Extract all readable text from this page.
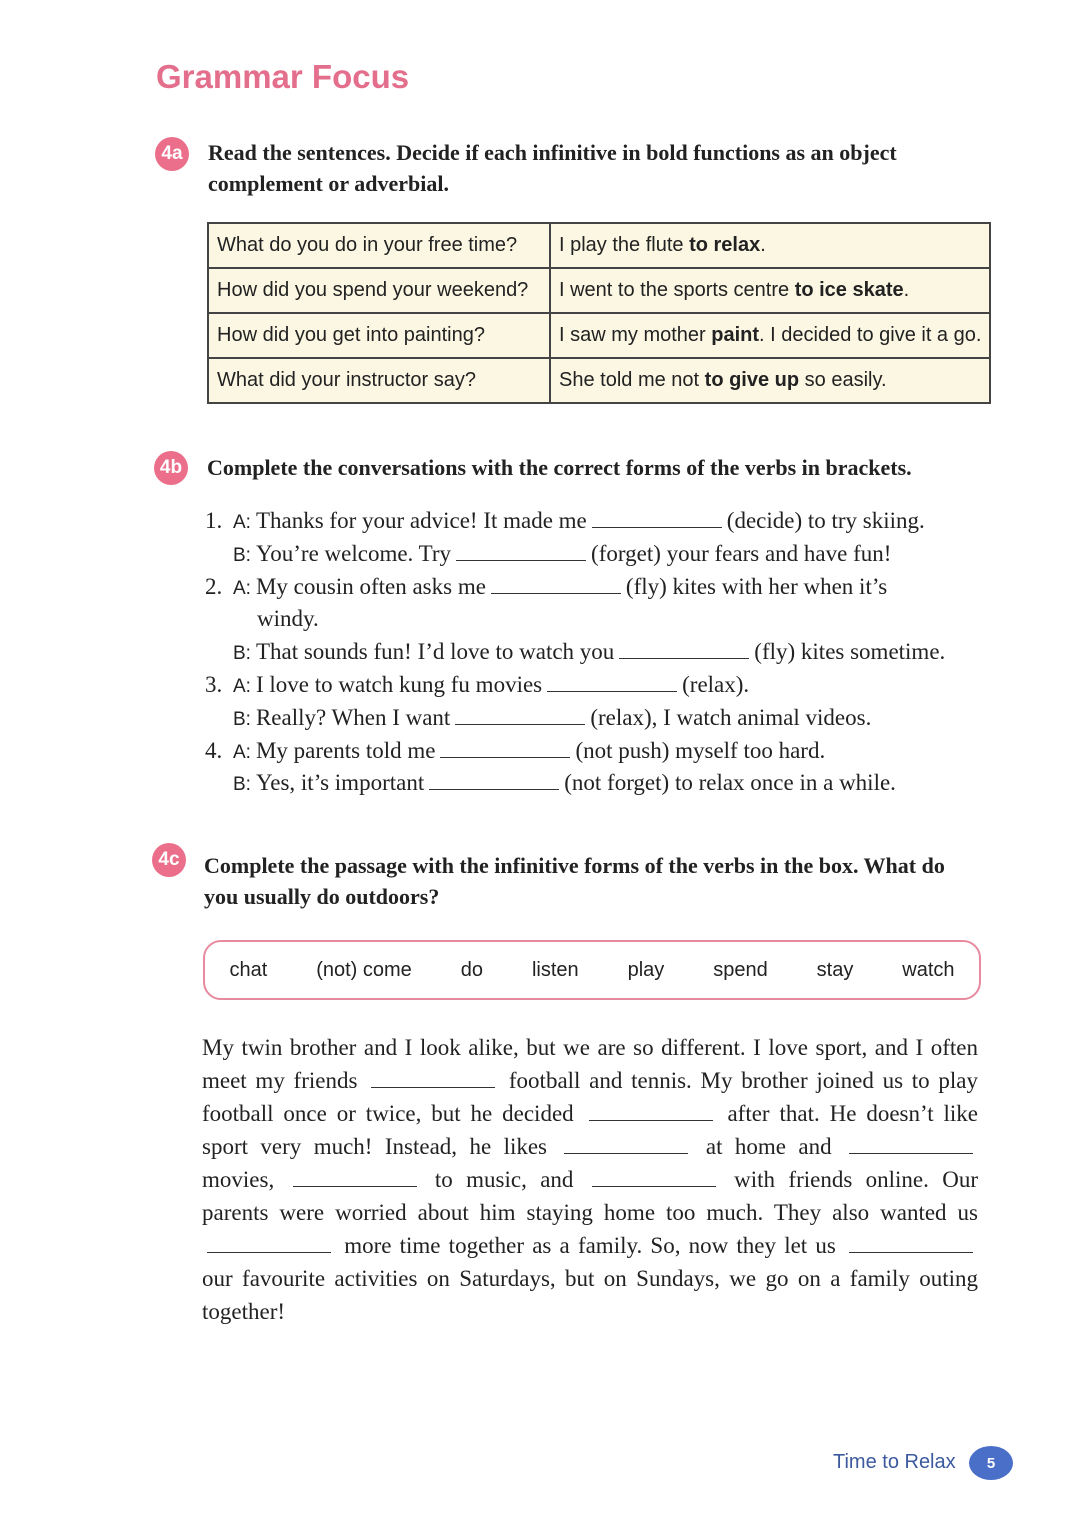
Grammar Focus
4a Read the sentences. Decide if each infinitive in bold functions as an object complement or adverbial.
What do you do in your free time?	I play the flute to relax.
How did you spend your weekend?	I went to the sports centre to ice skate.
How did you get into painting?	I saw my mother paint. I decided to give it a go.
What did your instructor say?	She told me not to give up so easily.
4b Complete the conversations with the correct forms of the verbs in brackets.
1. A: Thanks for your advice! It made me	(decide) to try skiing.
B: You’re welcome. Try	(forget) your fears and have fun!
2. A: My cousin often asks me	(fly) kites with her when it’s
windy.
B: That sounds fun! I’d love to watch you	(fly) kites sometime.
3. A: I love to watch kung fu movies	(relax).
B: Really? When I want	(relax), I watch animal videos.
4. A: My parents told me	(not push) myself too hard.
B: Yes, it’s important	(not forget) to relax once in a while.
4c Complete the passage with the infinitive forms of the verbs in the box. What do you usually do outdoors?
chat (not) come do listen play spend stay watch
My twin brother and I look alike, but we are so different. I love sport, and I often meet my friends	football and tennis. My brother joined us to play football once or twice, but he decided	after that. He doesn’t like sport very much! Instead, he likes	at home and  movies,	to music, and	with friends online. Our parents were worried about him staying home too much. They also wanted us  more time together as a family. So, now they let us  our favourite activities on Saturdays, but on Sundays, we go on a family outing together!
Time to Relax	5
